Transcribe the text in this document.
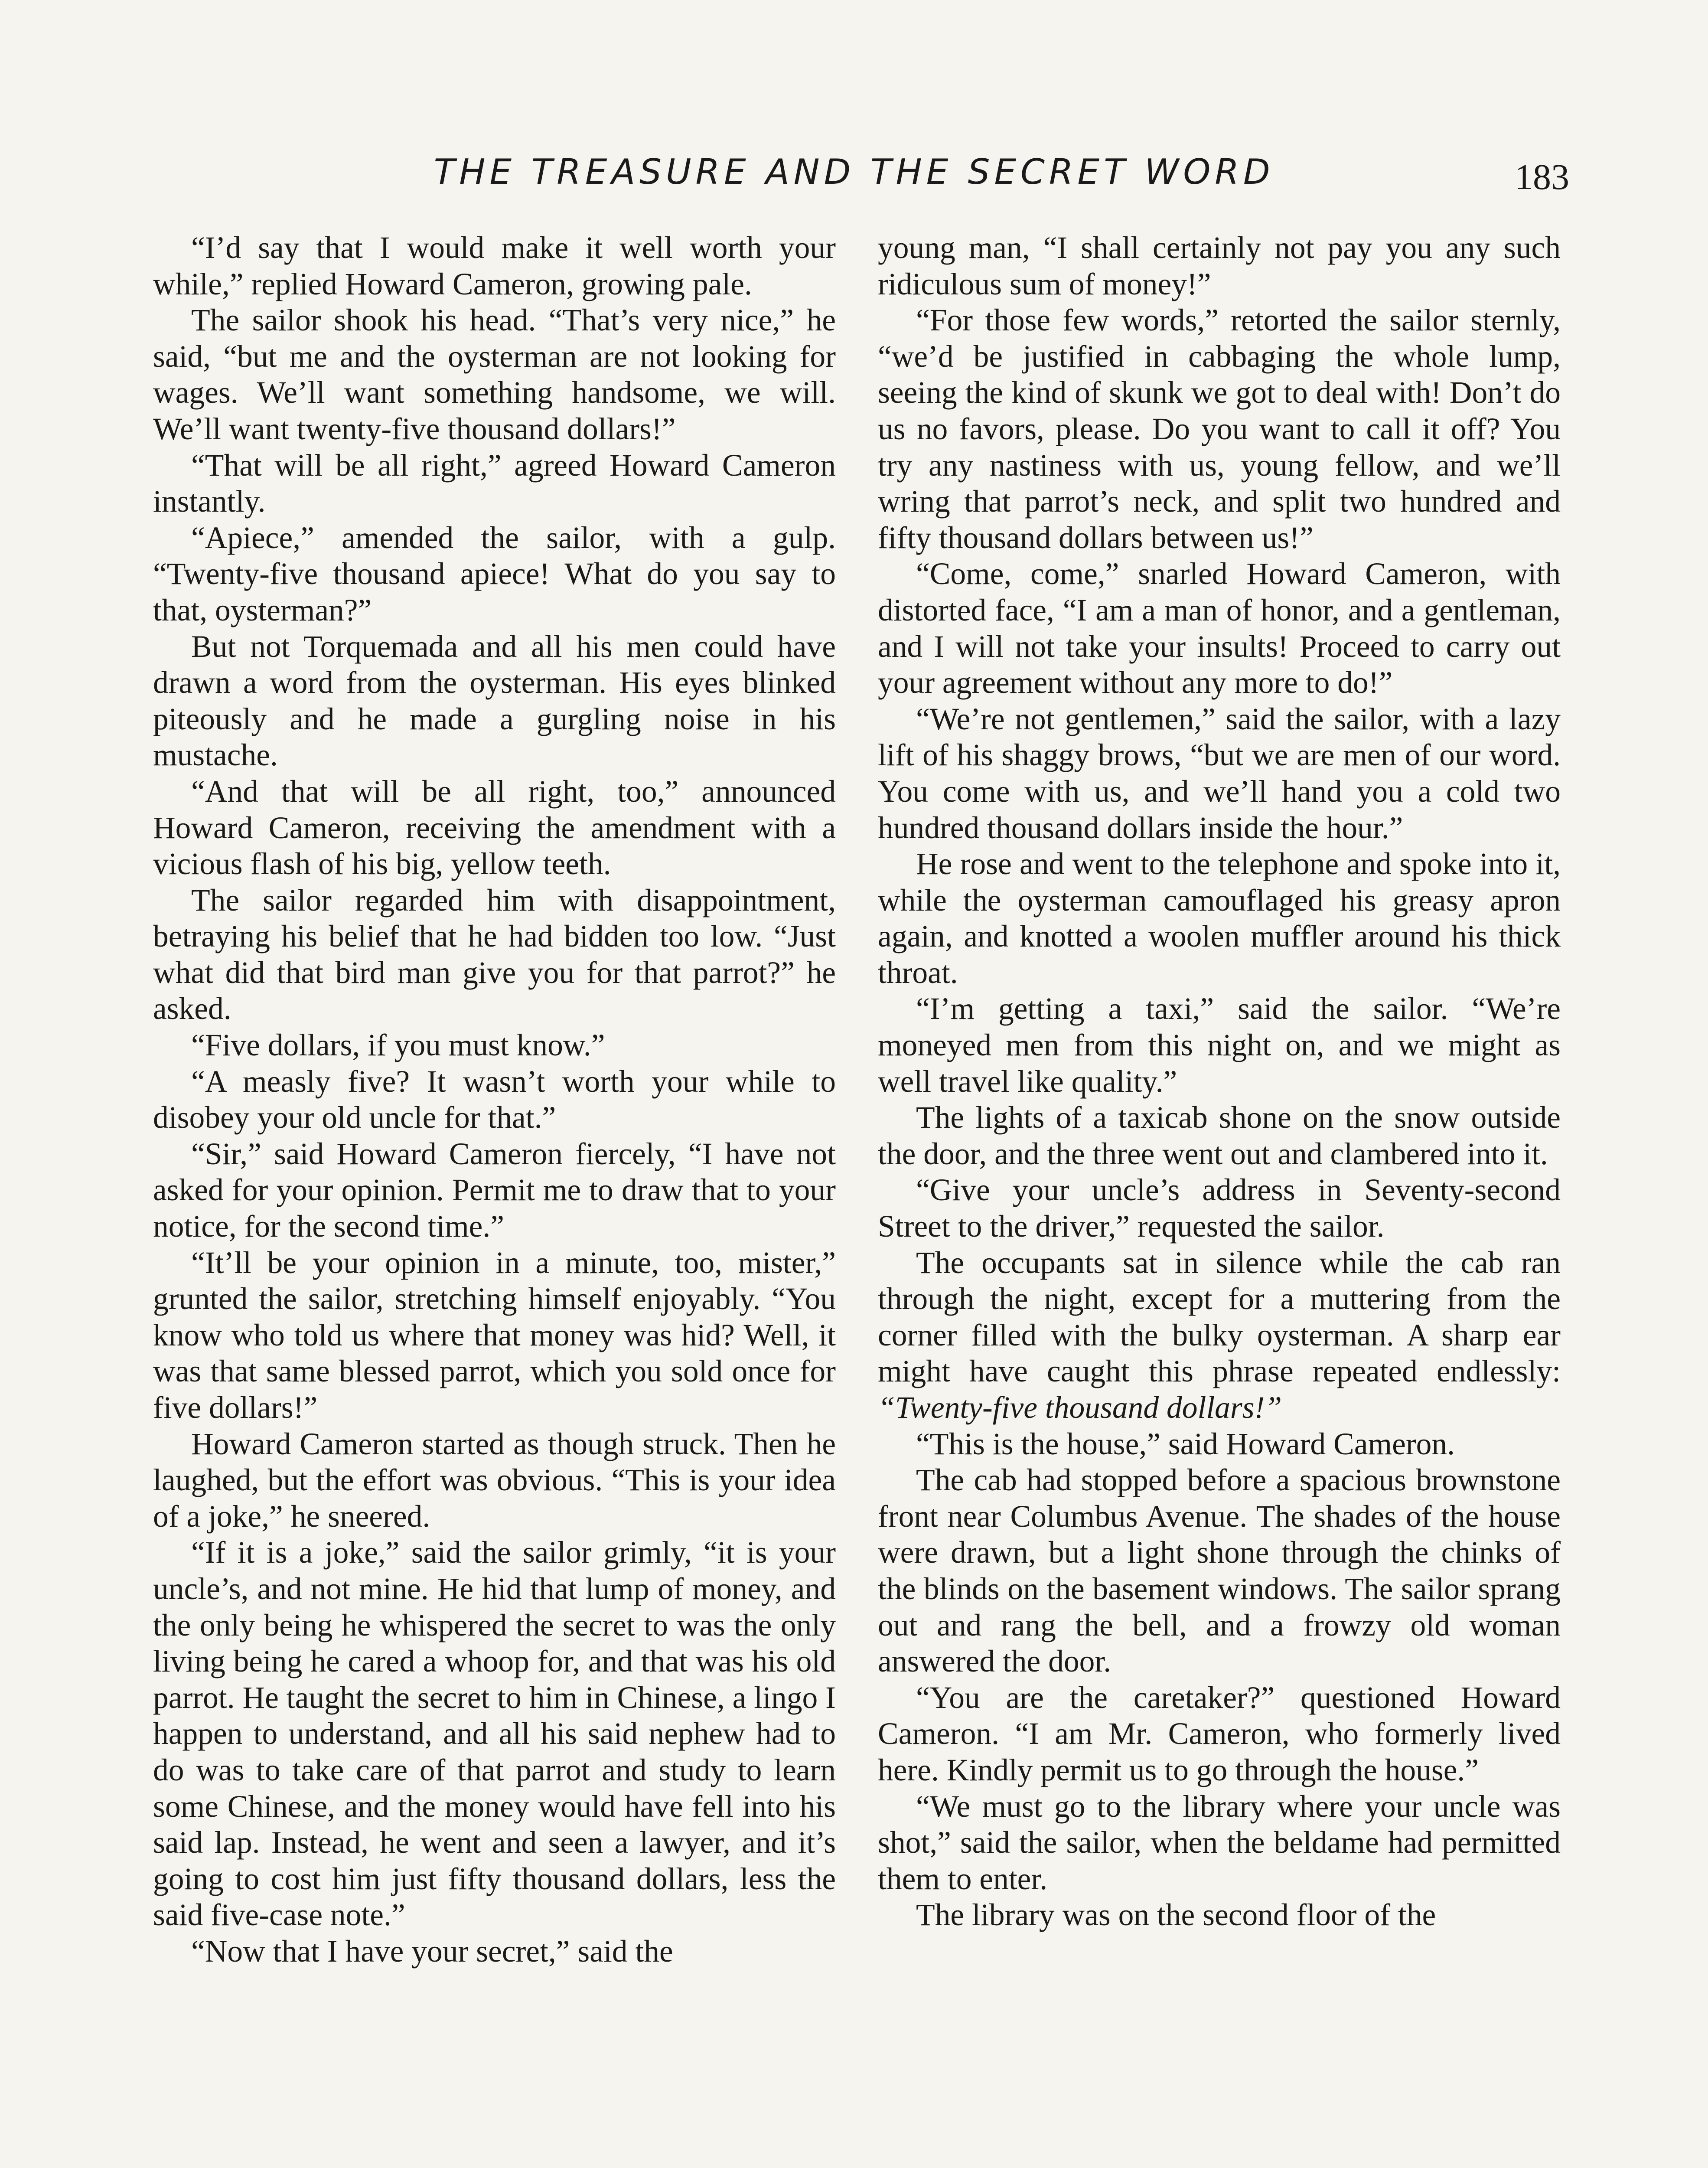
THE TREASURE AND THE SECRET WORD	183

“I’d say that I would make it well worth your while,” replied Howard Cameron, growing pale.

The sailor shook his head. “That’s very nice,” he said, “but me and the oysterman are not looking for wages. We’ll want something handsome, we will. We’ll want twenty-five thousand dollars!”

“That will be all right,” agreed Howard Cameron instantly.

“Apiece,” amended the sailor, with a gulp. “Twenty-five thousand apiece! What do you say to that, oysterman?”

But not Torquemada and all his men could have drawn a word from the oysterman. His eyes blinked piteously and he made a gurgling noise in his mustache.

“And that will be all right, too,” announced Howard Cameron, receiving the amendment with a vicious flash of his big, yellow teeth.

The sailor regarded him with disappointment, betraying his belief that he had bidden too low. “Just what did that bird man give you for that parrot?” he asked.

“Five dollars, if you must know.”

“A measly five? It wasn’t worth your while to disobey your old uncle for that.”

“Sir,” said Howard Cameron fiercely, “I have not asked for your opinion. Permit me to draw that to your notice, for the second time.”

“It’ll be your opinion in a minute, too, mister,” grunted the sailor, stretching himself enjoyably. “You know who told us where that money was hid? Well, it was that same blessed parrot, which you sold once for five dollars!”

Howard Cameron started as though struck. Then he laughed, but the effort was obvious. “This is your idea of a joke,” he sneered.

“If it is a joke,” said the sailor grimly, “it is your uncle’s, and not mine. He hid that lump of money, and the only being he whispered the secret to was the only living being he cared a whoop for, and that was his old parrot. He taught the secret to him in Chinese, a lingo I happen to understand, and all his said nephew had to do was to take care of that parrot and study to learn some Chinese, and the money would have fell into his said lap. Instead, he went and seen a lawyer, and it’s going to cost him just fifty thousand dollars, less the said five-case note.”

“Now that I have your secret,” said the

young man, “I shall certainly not pay you any such ridiculous sum of money!”

“For those few words,” retorted the sailor sternly, “we’d be justified in cabbaging the whole lump, seeing the kind of skunk we got to deal with! Don’t do us no favors, please. Do you want to call it off? You try any nastiness with us, young fellow, and we’ll wring that parrot’s neck, and split two hundred and fifty thousand dollars between us!”

“Come, come,” snarled Howard Cameron, with distorted face, “I am a man of honor, and a gentleman, and I will not take your insults! Proceed to carry out your agreement without any more to do!”

“We’re not gentlemen,” said the sailor, with a lazy lift of his shaggy brows, “but we are men of our word. You come with us, and we’ll hand you a cold two hundred thousand dollars inside the hour.”

He rose and went to the telephone and spoke into it, while the oysterman camouflaged his greasy apron again, and knotted a woolen muffler around his thick throat.

“I’m getting a taxi,” said the sailor. “We’re moneyed men from this night on, and we might as well travel like quality.”

The lights of a taxicab shone on the snow outside the door, and the three went out and clambered into it.

“Give your uncle’s address in Seventy-second Street to the driver,” requested the sailor.

The occupants sat in silence while the cab ran through the night, except for a muttering from the corner filled with the bulky oysterman. A sharp ear might have caught this phrase repeated endlessly: “Twenty-five thousand dollars!”

“This is the house,” said Howard Cameron.

The cab had stopped before a spacious brownstone front near Columbus Avenue. The shades of the house were drawn, but a light shone through the chinks of the blinds on the basement windows. The sailor sprang out and rang the bell, and a frowzy old woman answered the door.

“You are the caretaker?” questioned Howard Cameron. “I am Mr. Cameron, who formerly lived here. Kindly permit us to go through the house.”

“We must go to the library where your uncle was shot,” said the sailor, when the beldame had permitted them to enter.

The library was on the second floor of the
